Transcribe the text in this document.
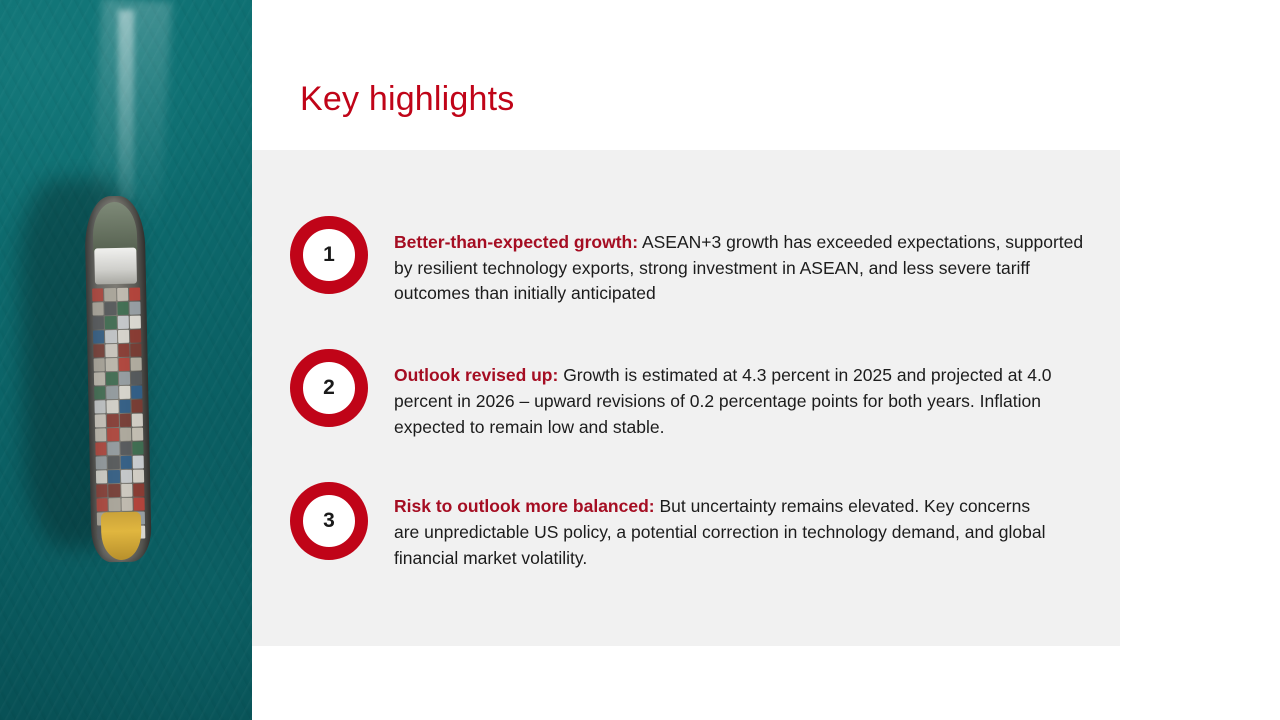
Key highlights
1
Better-than-expected growth: ASEAN+3 growth has exceeded expectations, supported by resilient technology exports, strong investment in ASEAN, and less severe tariff outcomes than initially anticipated
2
Outlook revised up: Growth is estimated at 4.3 percent in 2025 and projected at 4.0 percent in 2026 – upward revisions of 0.2 percentage points for both years. Inflation expected to remain low and stable.
3
Risk to outlook more balanced: But uncertainty remains elevated. Key concerns are unpredictable US policy, a potential correction in technology demand, and global financial market volatility.
